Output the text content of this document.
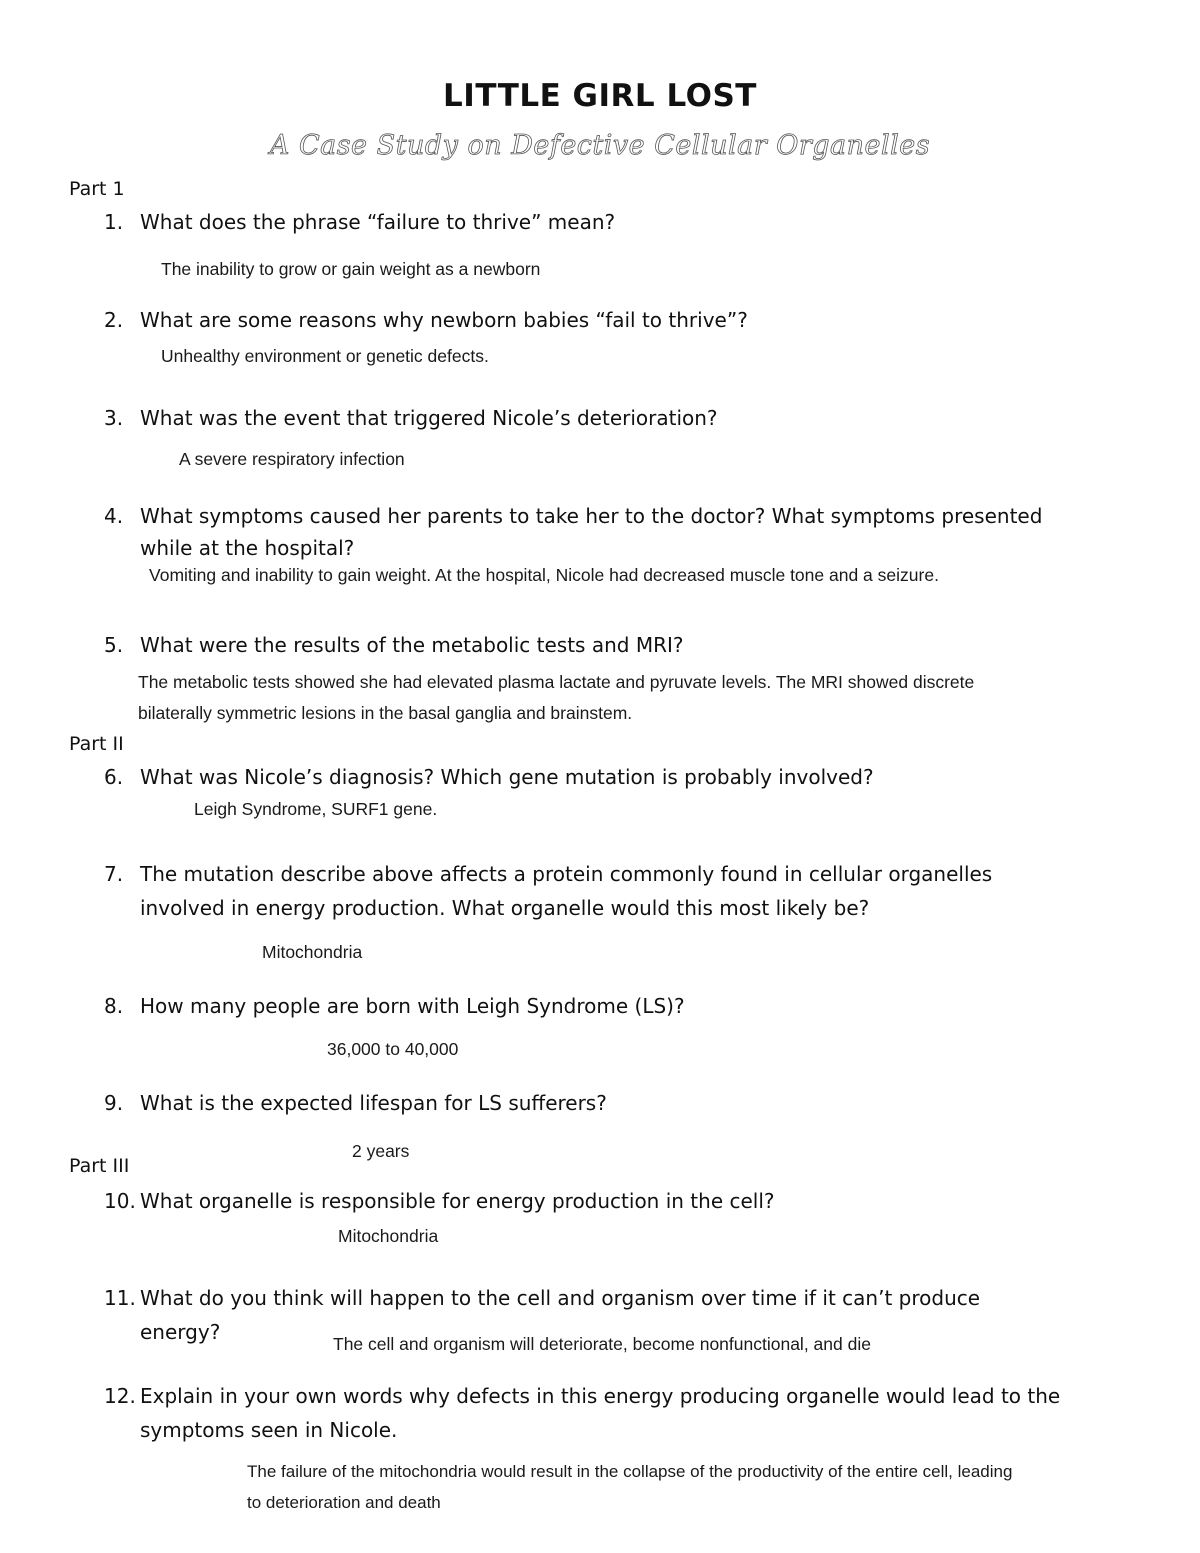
LITTLE GIRL LOST
A Case Study on Defective Cellular Organelles
Part 1
Part II
Part III
1. What does the phrase “failure to thrive” mean?
The inability to grow or gain weight as a newborn
2. What are some reasons why newborn babies “fail to thrive”?
Unhealthy environment or genetic defects.
3. What was the event that triggered Nicole’s deterioration?
A severe respiratory infection
4. What symptoms caused her parents to take her to the doctor? What symptoms presented
while at the hospital?
Vomiting and inability to gain weight. At the hospital, Nicole had decreased muscle tone and a seizure.
5. What were the results of the metabolic tests and MRI?
The metabolic tests showed she had elevated plasma lactate and pyruvate levels. The MRI showed discrete
bilaterally symmetric lesions in the basal ganglia and brainstem.
6. What was Nicole’s diagnosis? Which gene mutation is probably involved?
Leigh Syndrome, SURF1 gene.
7. The mutation describe above affects a protein commonly found in cellular organelles
involved in energy production. What organelle would this most likely be?
Mitochondria
8. How many people are born with Leigh Syndrome (LS)?
36,000 to 40,000
9. What is the expected lifespan for LS sufferers?
2 years
10. What organelle is responsible for energy production in the cell?
Mitochondria
11. What do you think will happen to the cell and organism over time if it can’t produce
energy?	The cell and organism will deteriorate, become nonfunctional, and die
12. Explain in your own words why defects in this energy producing organelle would lead to the
symptoms seen in Nicole.
The failure of the mitochondria would result in the collapse of the productivity of the entire cell, leading
to deterioration and death
